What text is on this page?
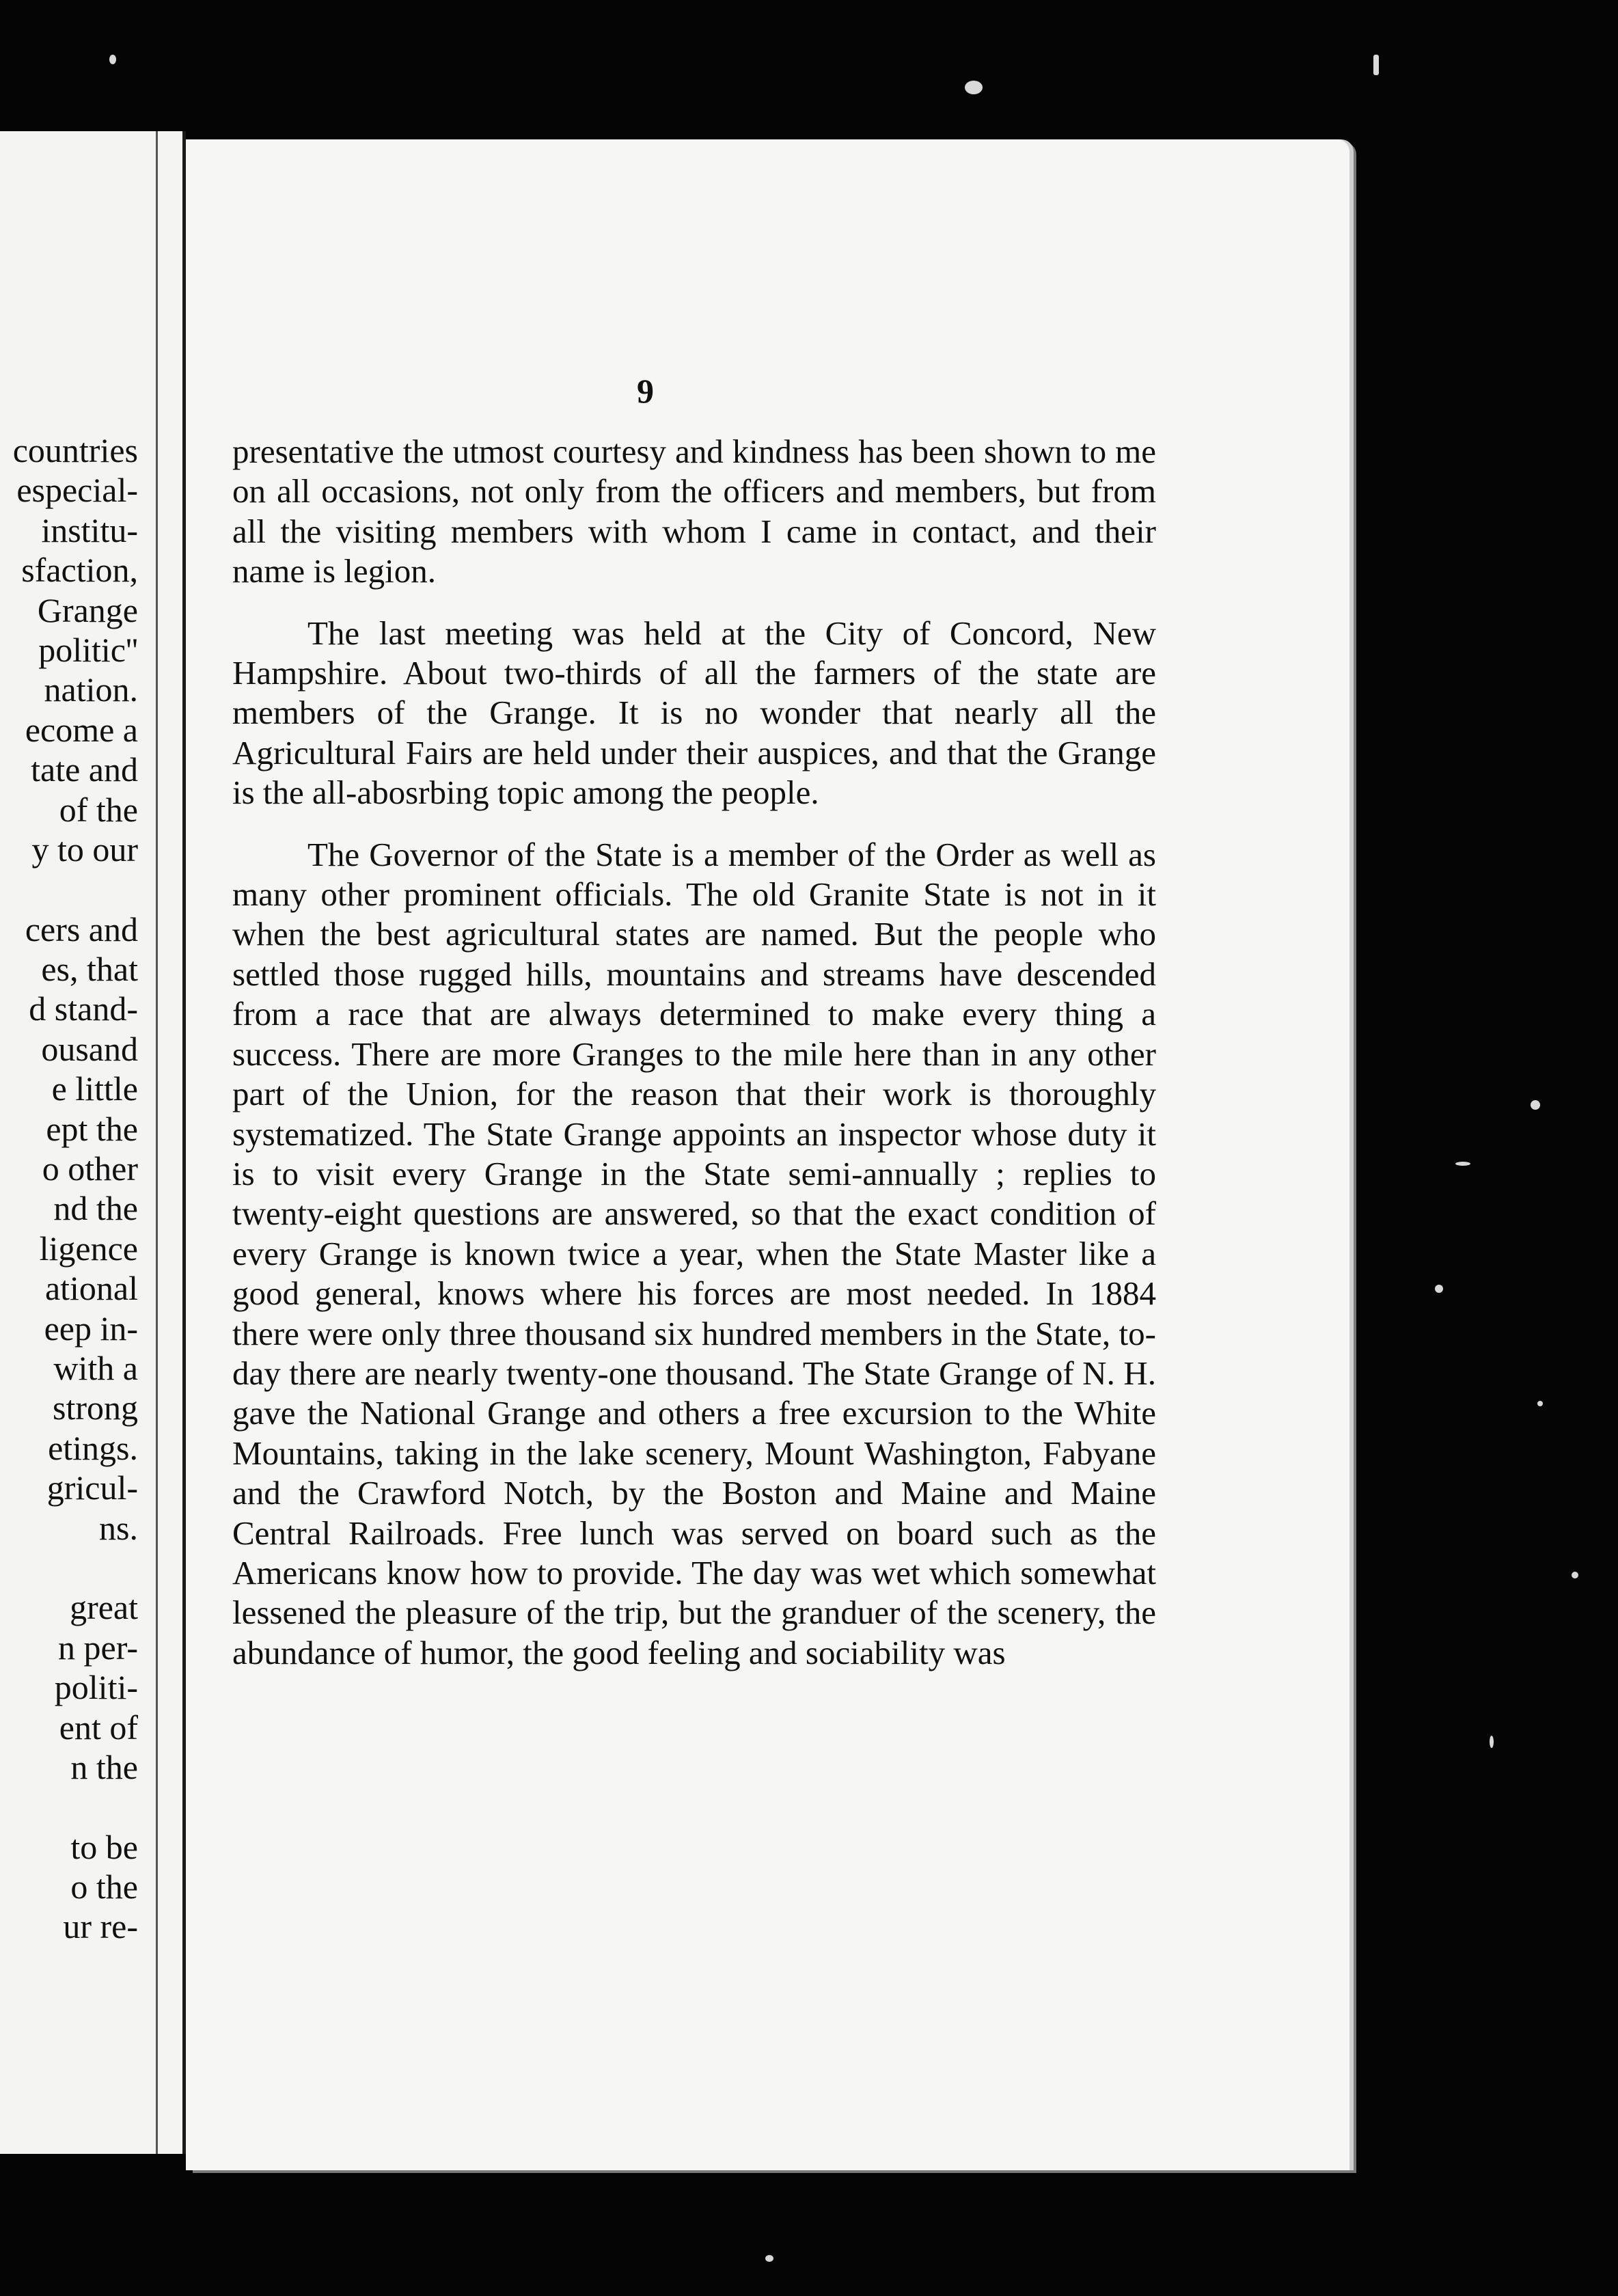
countries
especial-
institu-
sfaction,
Grange
politic''
nation.
ecome a
tate and
of the
y to our
cers and
es, that
d stand-
ousand
e little
ept the
o other
nd the
ligence
ational
eep in-
with a
strong
etings.
gricul-
ns.
great
n per-
politi-
ent of
n the
to be
o the
ur re-
9

presentative the utmost courtesy and kindness has been shown to me on all occasions, not only from the officers and members, but from all the visiting members with whom I came in contact, and their name is legion.

The last meeting was held at the City of Concord, New Hampshire. About two-thirds of all the farmers of the state are members of the Grange. It is no wonder that nearly all the Agricultural Fairs are held under their auspices, and that the Grange is the all-abosrbing topic among the people.

The Governor of the State is a member of the Order as well as many other prominent officials. The old Granite State is not in it when the best agricultural states are named. But the people who settled those rugged hills, mountains and streams have descended from a race that are always determined to make every thing a success. There are more Granges to the mile here than in any other part of the Union, for the reason that their work is thoroughly systematized. The State Grange appoints an inspector whose duty it is to visit every Grange in the State semi-annually ; replies to twenty-eight questions are answered, so that the exact condition of every Grange is known twice a year, when the State Master like a good general, knows where his forces are most needed. In 1884 there were only three thousand six hundred members in the State, to-day there are nearly twenty-one thousand. The State Grange of N. H. gave the National Grange and others a free excursion to the White Mountains, taking in the lake scenery, Mount Washington, Fabyane and the Crawford Notch, by the Boston and Maine and Maine Central Railroads. Free lunch was served on board such as the Americans know how to provide. The day was wet which somewhat lessened the pleasure of the trip, but the granduer of the scenery, the abundance of humor, the good feeling and sociability was
